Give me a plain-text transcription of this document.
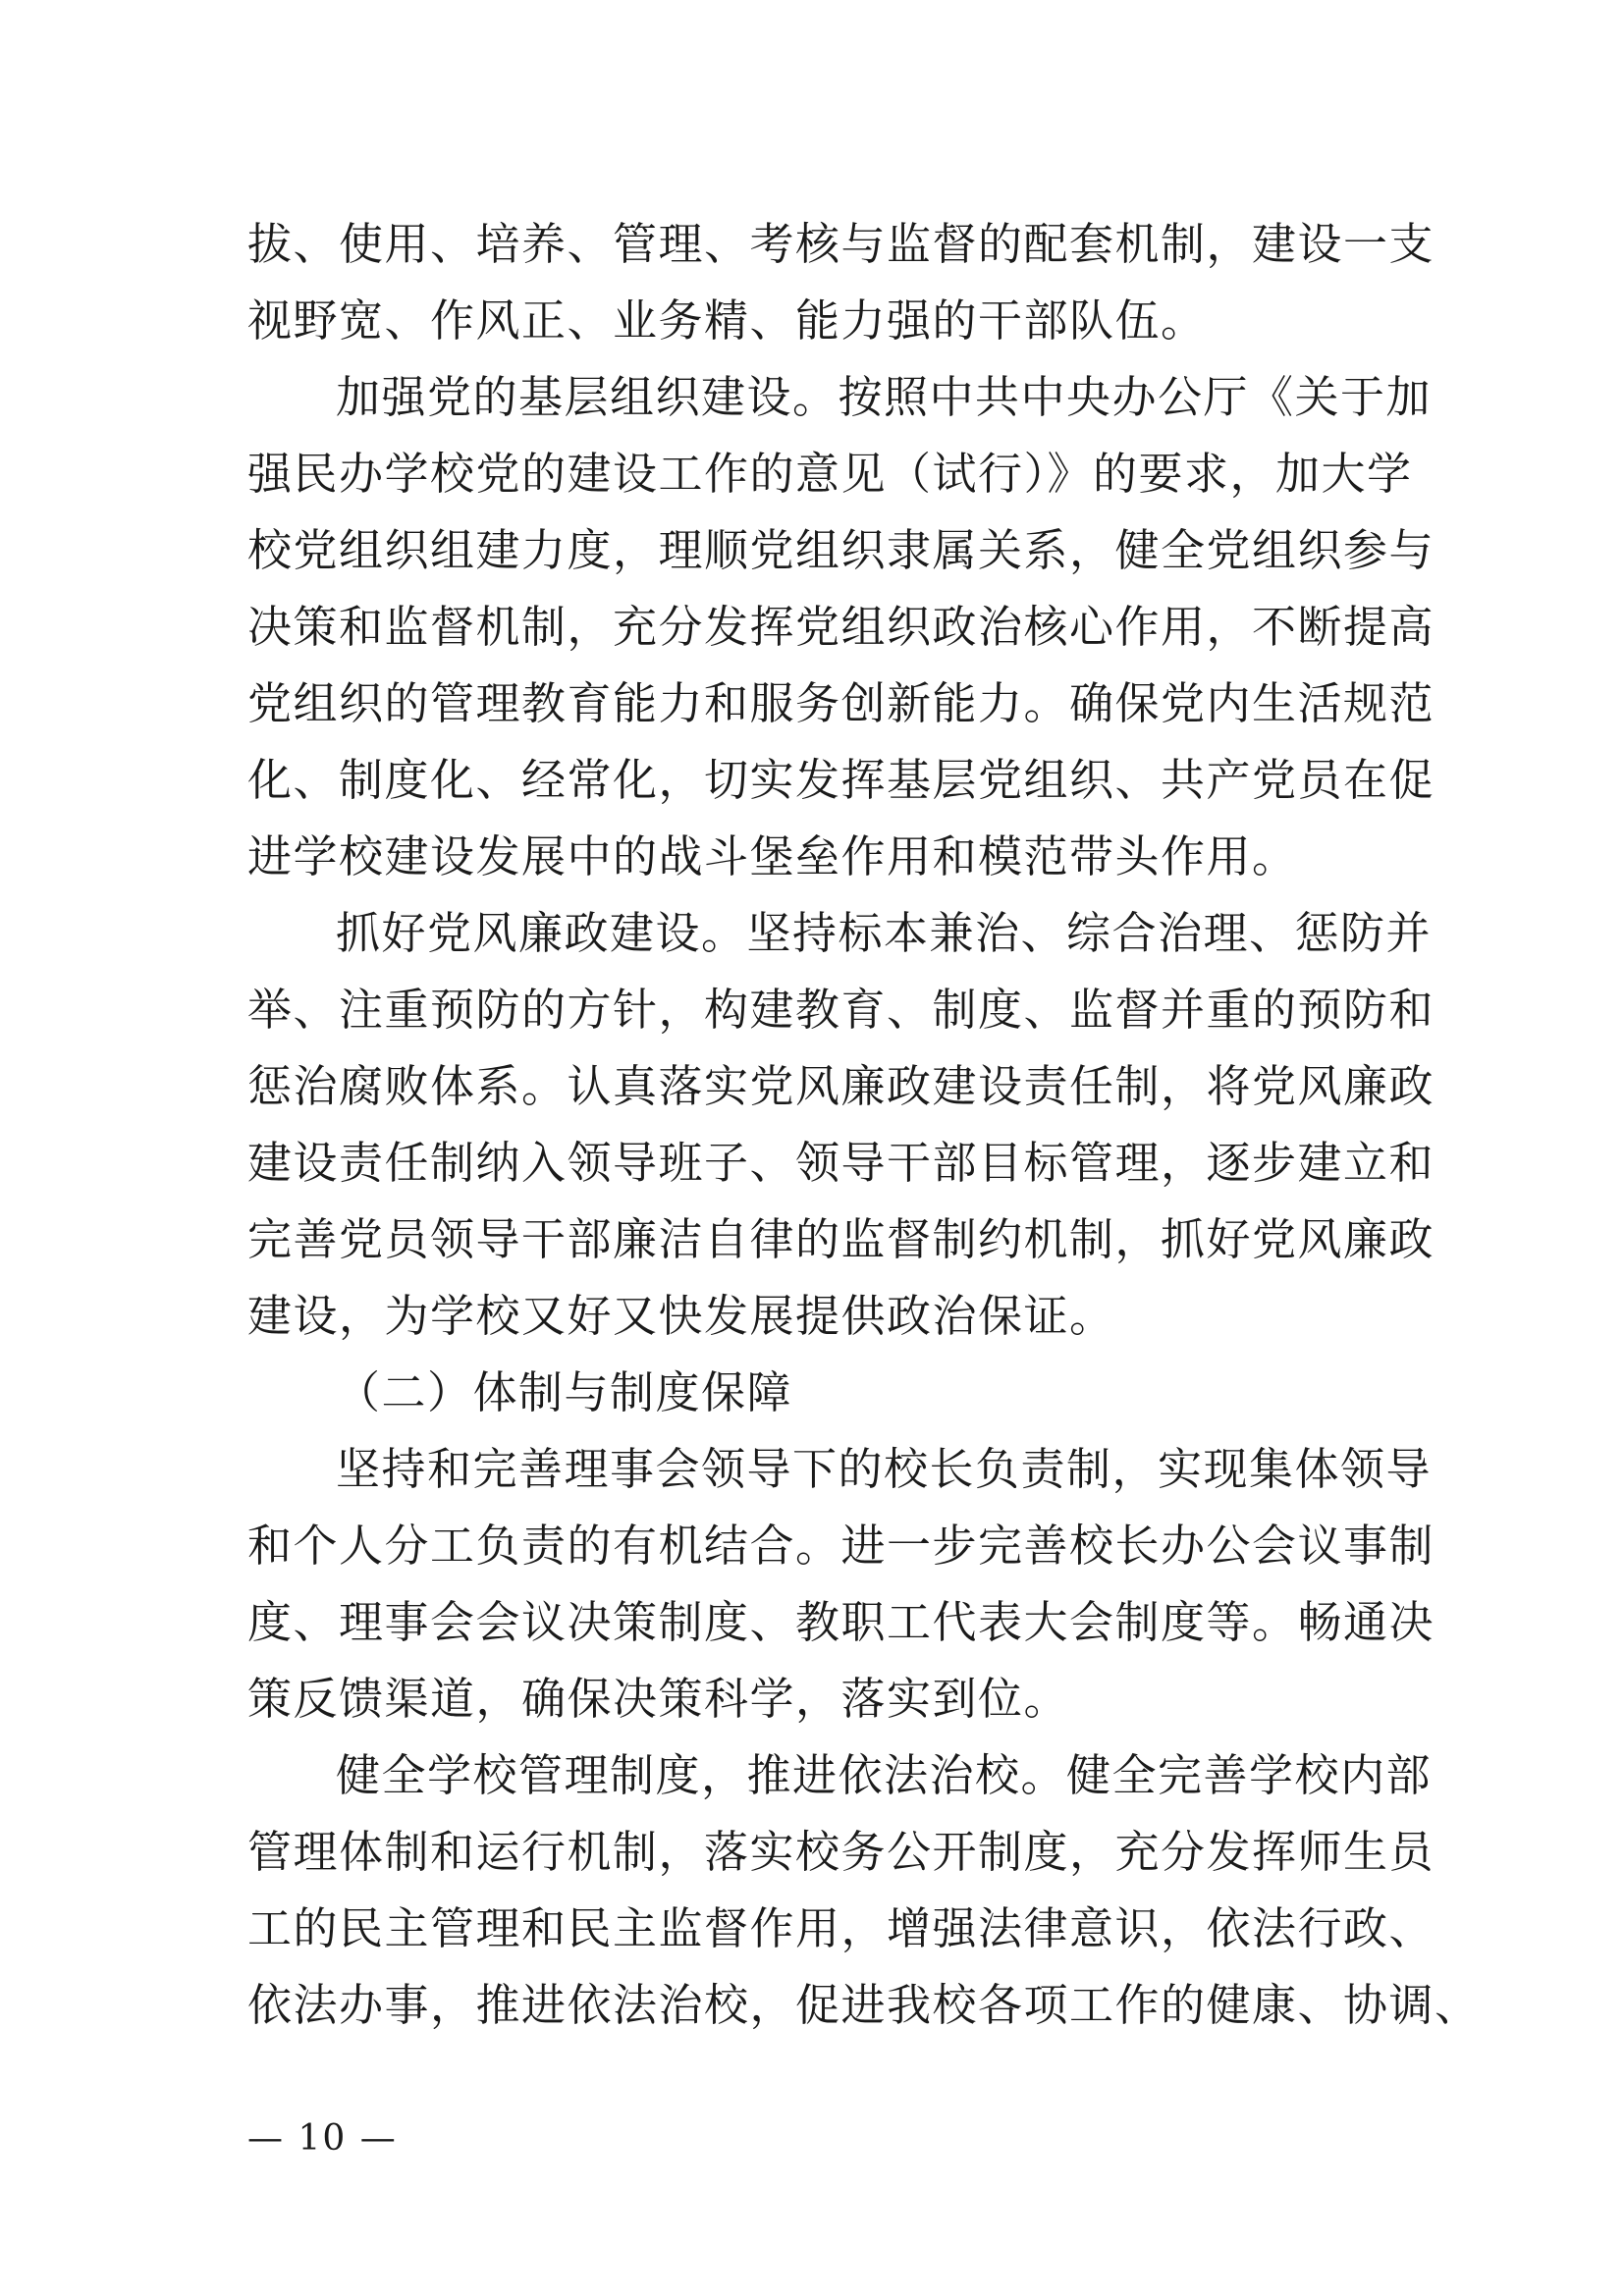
拔、使用、培养、管理、考核与监督的配套机制，建设一支
视野宽、作风正、业务精、能力强的干部队伍。
加强党的基层组织建设。按照中共中央办公厅《关于加
强民办学校党的建设工作的意见（试行）》的要求，加大学
校党组织组建力度，理顺党组织隶属关系，健全党组织参与
决策和监督机制，充分发挥党组织政治核心作用，不断提高
党组织的管理教育能力和服务创新能力。确保党内生活规范
化、制度化、经常化，切实发挥基层党组织、共产党员在促
进学校建设发展中的战斗堡垒作用和模范带头作用。
抓好党风廉政建设。坚持标本兼治、综合治理、惩防并
举、注重预防的方针，构建教育、制度、监督并重的预防和
惩治腐败体系。认真落实党风廉政建设责任制，将党风廉政
建设责任制纳入领导班子、领导干部目标管理，逐步建立和
完善党员领导干部廉洁自律的监督制约机制，抓好党风廉政
建设，为学校又好又快发展提供政治保证。
（二）体制与制度保障
坚持和完善理事会领导下的校长负责制，实现集体领导
和个人分工负责的有机结合。进一步完善校长办公会议事制
度、理事会会议决策制度、教职工代表大会制度等。畅通决
策反馈渠道，确保决策科学，落实到位。
健全学校管理制度，推进依法治校。健全完善学校内部
管理体制和运行机制，落实校务公开制度，充分发挥师生员
工的民主管理和民主监督作用，增强法律意识，依法行政、
依法办事，推进依法治校，促进我校各项工作的健康、协调、
— 10 —
